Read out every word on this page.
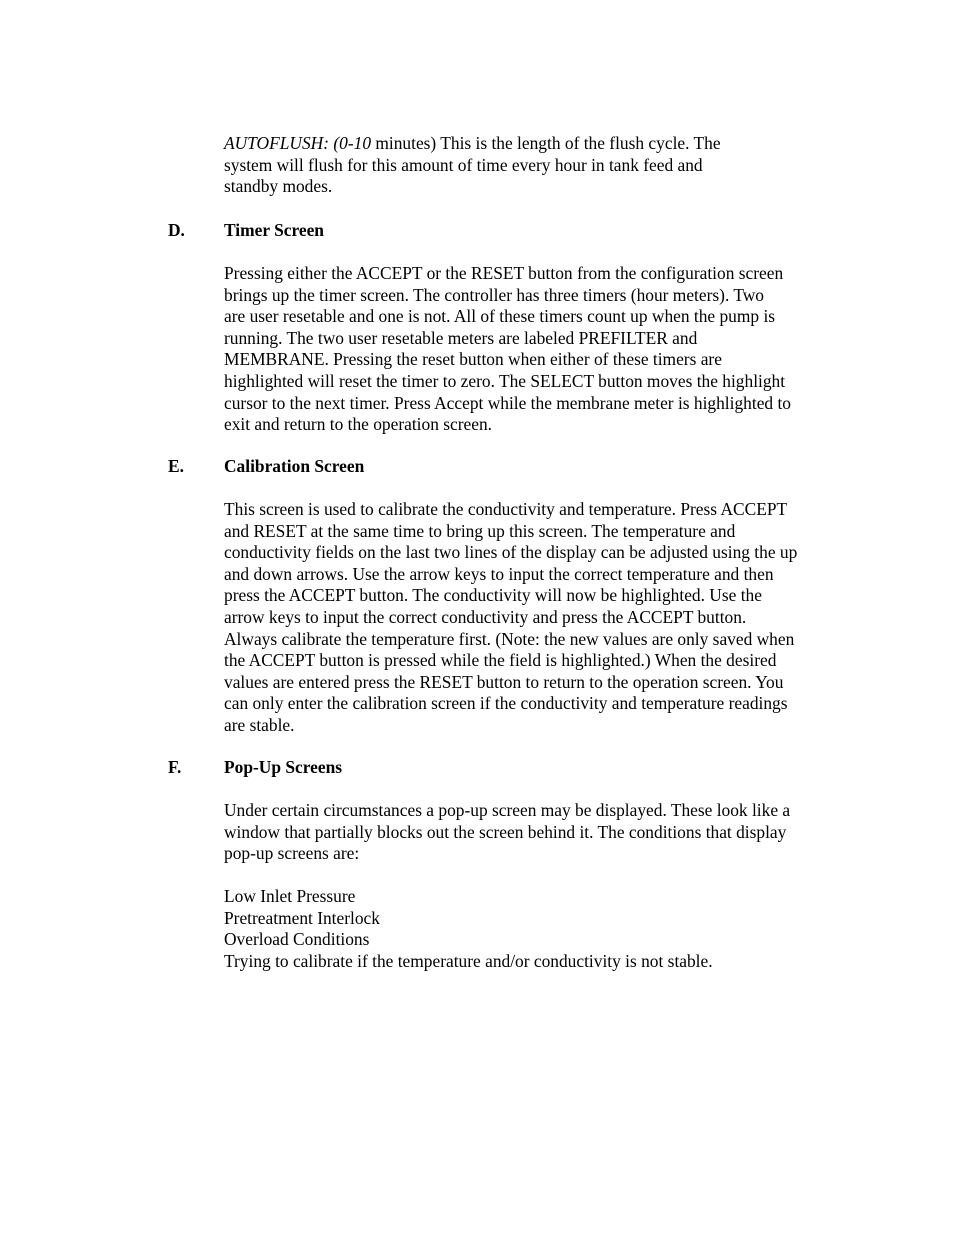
AUTOFLUSH: (0-10 minutes) This is the length of the flush cycle. The
system will flush for this amount of time every hour in tank feed and
standby modes.

D. Timer Screen

Pressing either the ACCEPT or the RESET button from the configuration screen
brings up the timer screen. The controller has three timers (hour meters). Two
are user resetable and one is not. All of these timers count up when the pump is
running. The two user resetable meters are labeled PREFILTER and
MEMBRANE. Pressing the reset button when either of these timers are
highlighted will reset the timer to zero. The SELECT button moves the highlight
cursor to the next timer. Press Accept while the membrane meter is highlighted to
exit and return to the operation screen.

E. Calibration Screen

This screen is used to calibrate the conductivity and temperature. Press ACCEPT
and RESET at the same time to bring up this screen. The temperature and
conductivity fields on the last two lines of the display can be adjusted using the up
and down arrows. Use the arrow keys to input the correct temperature and then
press the ACCEPT button. The conductivity will now be highlighted. Use the
arrow keys to input the correct conductivity and press the ACCEPT button.
Always calibrate the temperature first. (Note: the new values are only saved when
the ACCEPT button is pressed while the field is highlighted.) When the desired
values are entered press the RESET button to return to the operation screen. You
can only enter the calibration screen if the conductivity and temperature readings
are stable.

F. Pop-Up Screens

Under certain circumstances a pop-up screen may be displayed. These look like a
window that partially blocks out the screen behind it. The conditions that display
pop-up screens are:

Low Inlet Pressure
Pretreatment Interlock
Overload Conditions
Trying to calibrate if the temperature and/or conductivity is not stable.
